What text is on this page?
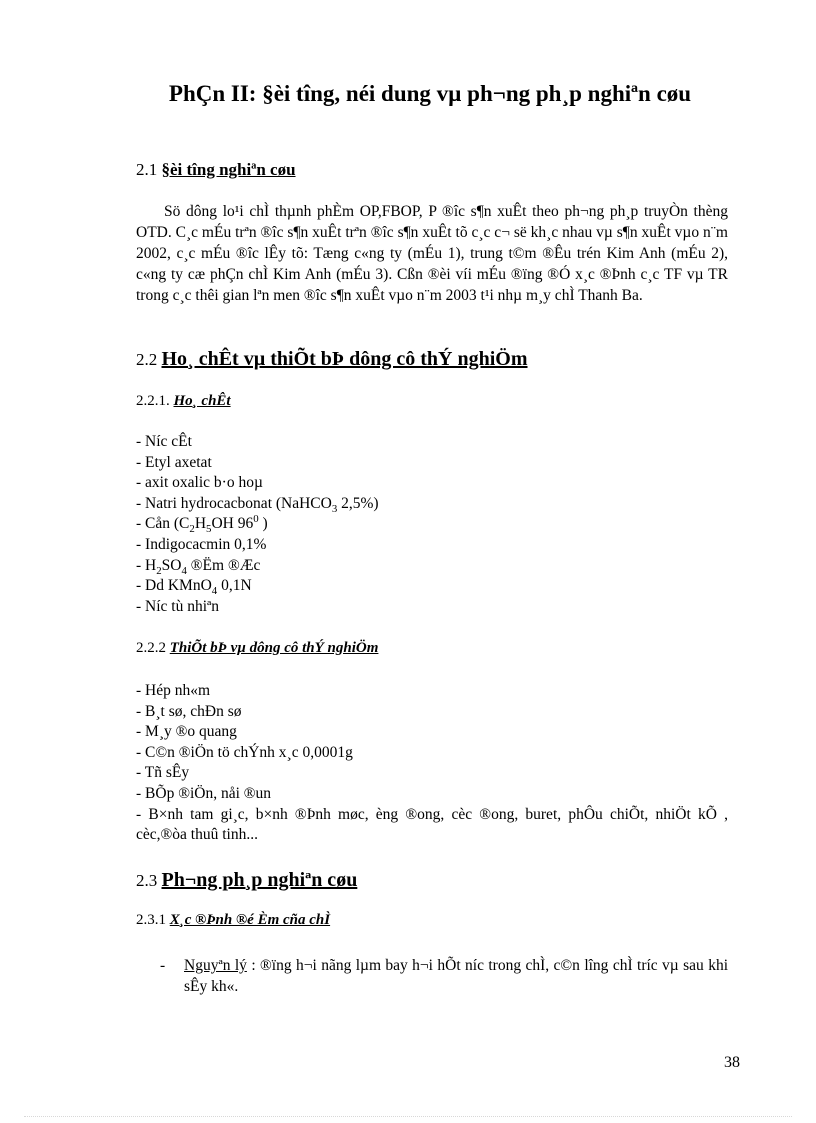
PhÇn II: §èi tîng, néi dung vµ ph¬ng ph¸p nghiªn cøu
2.1 §èi tîng nghiªn cøu

Sö dông lo¹i chÌ thµnh phÈm OP,FBOP, P ®îc s¶n xuÊt theo ph¬ng ph¸p truyÒn thèng OTD. C¸c mÉu trªn ®îc s¶n xuÊt trªn ®îc s¶n xuÊt tõ c¸c c¬ së kh¸c nhau vµ s¶n xuÊt vµo n¨m 2002, c¸c mÉu ®îc lÊy tõ: Tæng c«ng ty (mÉu 1), trung t©m ®Êu trén Kim Anh (mÉu 2), c«ng ty cæ phÇn chÌ Kim Anh (mÉu 3). Cßn ®èi víi mÉu ®ïng ®Ó x¸c ®Þnh c¸c TF vµ TR trong c¸c thêi gian lªn men ®îc s¶n xuÊt vµo n¨m 2003 t¹i nhµ m¸y chÌ Thanh Ba.

2.2 Ho¸ chÊt vµ thiÕt bÞ dông cô thÝ nghiÖm
2.2.1. Ho¸ chÊt
- Níc cÊt
- Etyl axetat
- axit oxalic b·o hoµ
- Natri hydrocacbonat (NaHCO$_3$ 2,5%)
- Cån ($C_2H_5OH$ $96^0$ )
- Indigocacmin 0,1%
- $H_2SO_4$ ®Ëm ®Æc
- Dd KMnO$_4$ 0,1N
- Níc tù nhiªn
2.2.2 ThiÕt bÞ vµ dông cô thÝ nghiÖm
- Hép nh«m
- B¸t sø, chÐn sø
- M¸y ®o quang
- C©n ®iÖn tö chÝnh x¸c 0,0001g
- Tñ sÊy
- BÕp ®iÖn, nåi ®un
- B×nh tam gi¸c, b×nh ®Þnh møc, èng ®ong, cèc ®ong, buret, phÔu chiÕt, nhiÖt kÕ , cèc,®òa thuû tinh...
2.3 Ph¬ng ph¸p nghiªn cøu
2.3.1 X¸c ®Þnh ®é Èm cña chÌ
- Nguyªn lý : ®ïng h¬i nãng lµm bay h¬i hÕt níc trong chÌ, c©n lîng chÌ tríc vµ sau khi sÊy kh«.
38
